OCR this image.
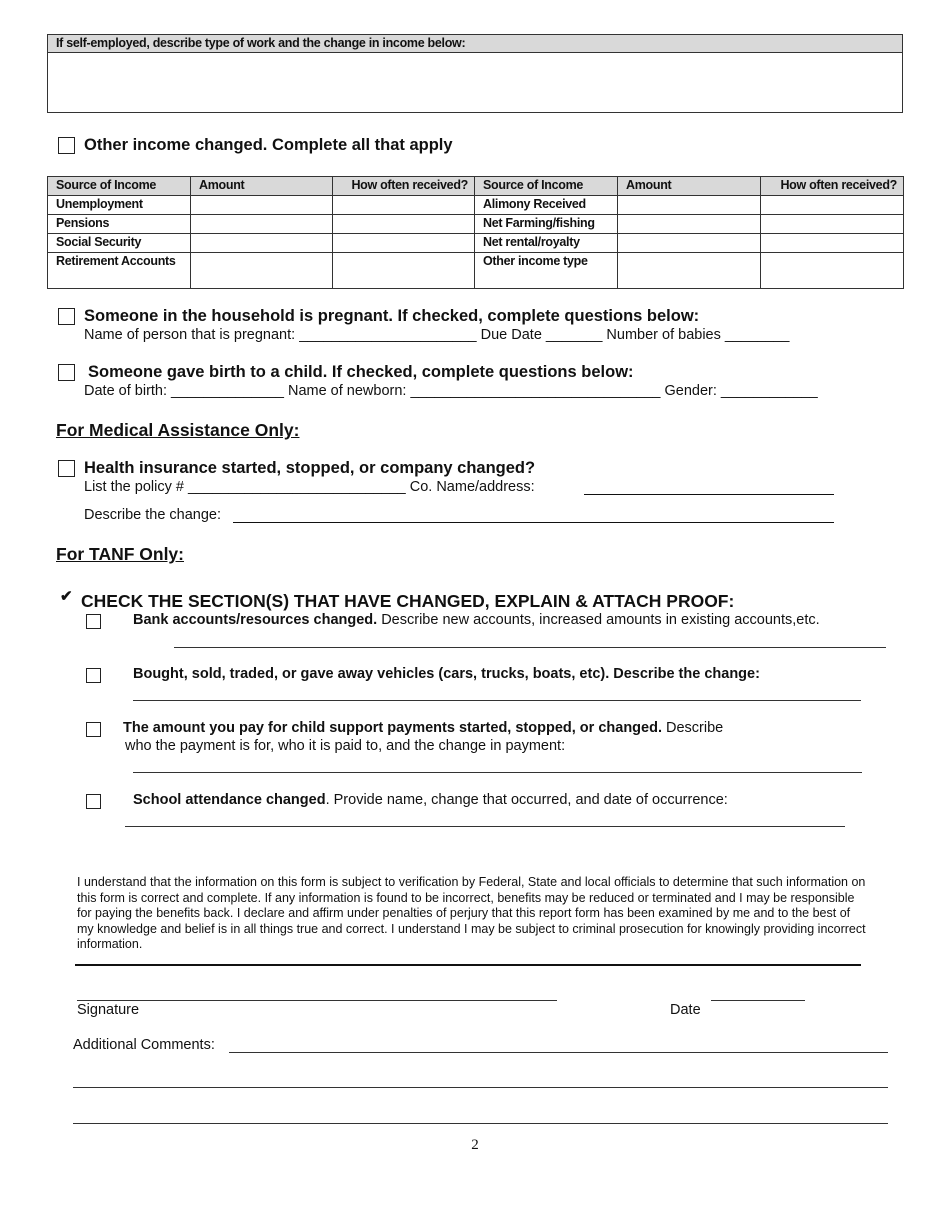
If self-employed, describe type of work and the change in income below:
Other income changed. Complete all that apply
Source of Income	Amount	How often received?	Source of Income	Amount	How often received?
Unemployment			Alimony Received		
Pensions			Net Farming/fishing		
Social Security			Net rental/royalty		
Retirement Accounts			Other income type		
Someone in the household is pregnant. If checked, complete questions below:
Name of person that is pregnant: ______________________ Due Date _______ Number of babies ________
Someone gave birth to a child. If checked, complete questions below:
Date of birth: ______________ Name of newborn: _______________________________ Gender: ____________
For Medical Assistance Only:
Health insurance started, stopped, or company changed?
List the policy # ___________________________ Co. Name/address:
Describe the change:
For TANF Only:
✔ CHECK THE SECTION(S) THAT HAVE CHANGED, EXPLAIN & ATTACH PROOF:
Bank accounts/resources changed. Describe new accounts, increased amounts in existing accounts,etc.
Bought, sold, traded, or gave away vehicles (cars, trucks, boats, etc). Describe the change:
The amount you pay for child support payments started, stopped, or changed. Describe
who the payment is for, who it is paid to, and the change in payment:
School attendance changed. Provide name, change that occurred, and date of occurrence:
I understand that the information on this form is subject to verification by Federal, State and local officials to determine that such information on this form is correct and complete. If any information is found to be incorrect, benefits may be reduced or terminated and I may be responsible for paying the benefits back. I declare and affirm under penalties of perjury that this report form has been examined by me and to the best of my knowledge and belief is in all things true and correct. I understand I may be subject to criminal prosecution for knowingly providing incorrect information.
Signature	Date
Additional Comments:
2
